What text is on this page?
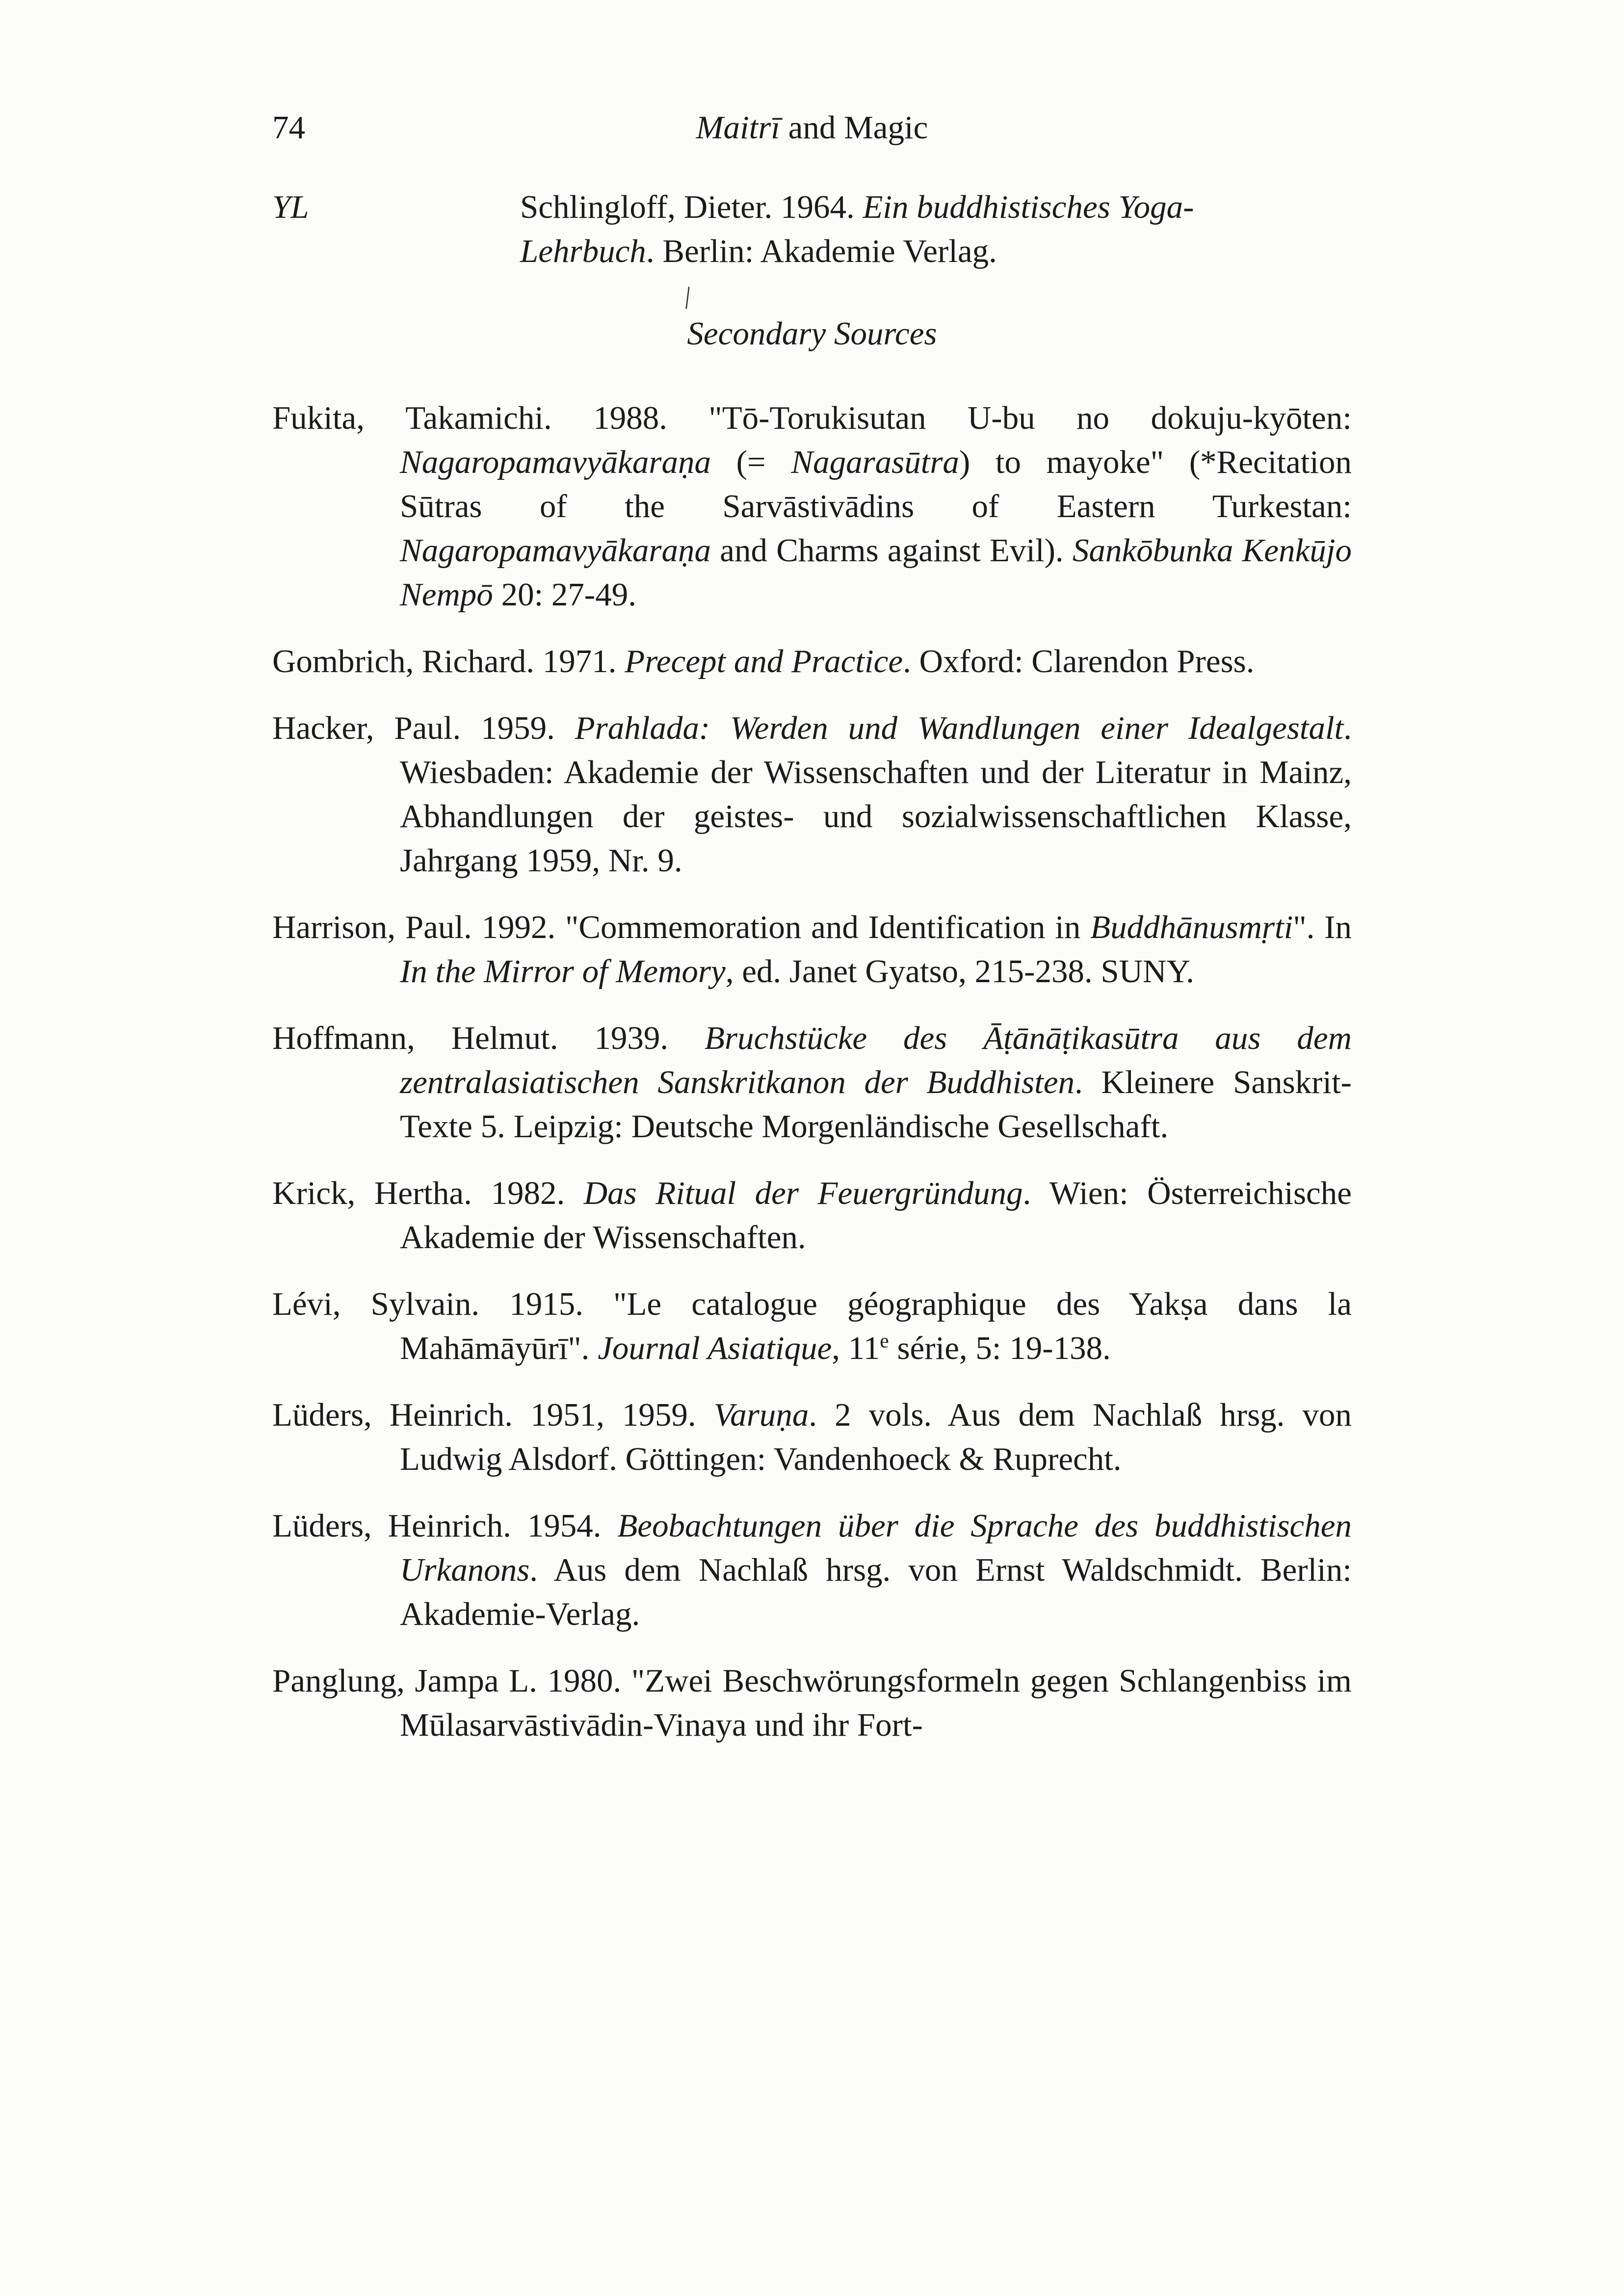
74	Maitrī and Magic
YL	Schlingloff, Dieter. 1964. Ein buddhistisches Yoga-Lehrbuch. Berlin: Akademie Verlag.
|
Secondary Sources
Fukita, Takamichi. 1988. "Tō-Torukisutan U-bu no dokuju-kyōten: Nagaropamavyākaraṇa (= Nagarasūtra) to mayoke" (*Recitation Sūtras of the Sarvāstivādins of Eastern Turkestan: Nagaropamavyākaraṇa and Charms against Evil). Sankōbunka Kenkūjo Nempō 20: 27-49.
Gombrich, Richard. 1971. Precept and Practice. Oxford: Clarendon Press.
Hacker, Paul. 1959. Prahlada: Werden und Wandlungen einer Idealgestalt. Wiesbaden: Akademie der Wissenschaften und der Literatur in Mainz, Abhandlungen der geistes- und sozialwissenschaftlichen Klasse, Jahrgang 1959, Nr. 9.
Harrison, Paul. 1992. "Commemoration and Identification in Buddhānusmṛti". In In the Mirror of Memory, ed. Janet Gyatso, 215-238. SUNY.
Hoffmann, Helmut. 1939. Bruchstücke des Āṭānāṭikasūtra aus dem zentralasiatischen Sanskritkanon der Buddhisten. Kleinere Sanskrit-Texte 5. Leipzig: Deutsche Morgenländische Gesellschaft.
Krick, Hertha. 1982. Das Ritual der Feuergründung. Wien: Österreichische Akademie der Wissenschaften.
Lévi, Sylvain. 1915. "Le catalogue géographique des Yakṣa dans la Mahāmāyūrī". Journal Asiatique, 11e série, 5: 19-138.
Lüders, Heinrich. 1951, 1959. Varuṇa. 2 vols. Aus dem Nachlaß hrsg. von Ludwig Alsdorf. Göttingen: Vandenhoeck & Ruprecht.
Lüders, Heinrich. 1954. Beobachtungen über die Sprache des buddhistischen Urkanons. Aus dem Nachlaß hrsg. von Ernst Waldschmidt. Berlin: Akademie-Verlag.
Panglung, Jampa L. 1980. "Zwei Beschwörungsformeln gegen Schlangenbiss im Mūlasarvāstivādin-Vinaya und ihr Fort-
